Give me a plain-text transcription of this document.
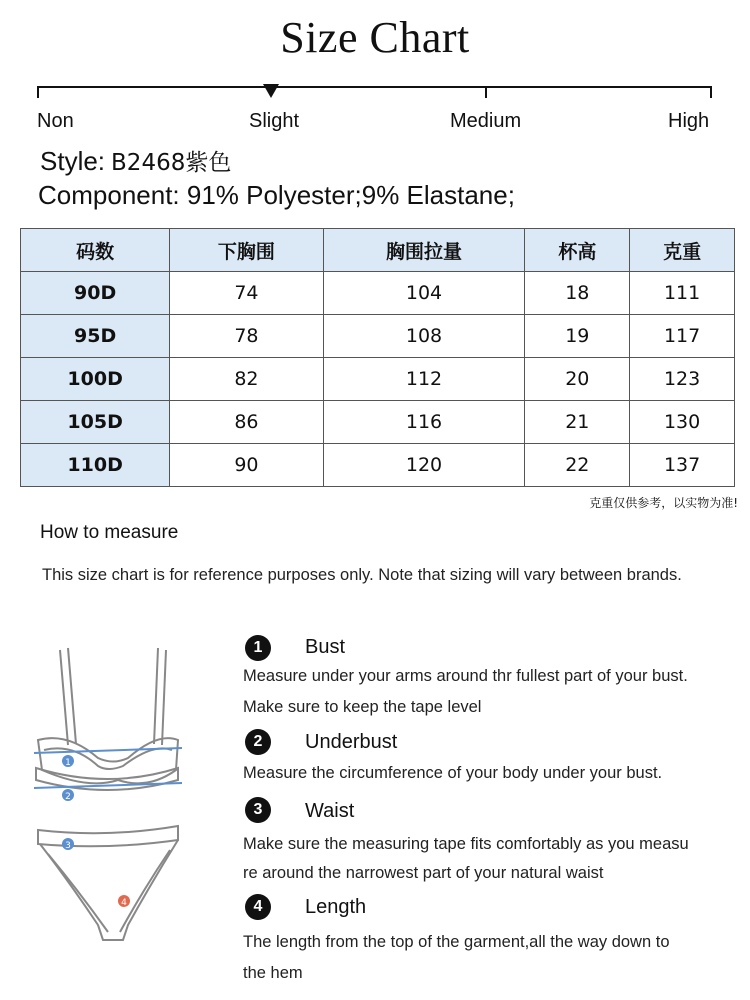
Size Chart
Non	Slight	Medium	High
Style: B2468紫色
Component: 91% Polyester;9% Elastane;
码数	下胸围	胸围拉量	杯高	克重
90D	74	104	18	111
95D	78	108	19	117
100D	82	112	20	123
105D	86	116	21	130
110D	90	120	22	137
克重仅供参考，以实物为准!
How to measure
This size chart is for reference purposes only. Note that sizing will vary between brands.
1
2
3
4
1	Bust
Measure under your arms around thr fullest part of your bust.
Make sure to keep the tape level
2	Underbust
Measure the circumference of your body under your bust.
3	Waist
Make sure the measuring tape fits comfortably as you measu
re around the narrowest part of your natural waist
4	Length
The length from the top of the garment,all the way down to
the hem
